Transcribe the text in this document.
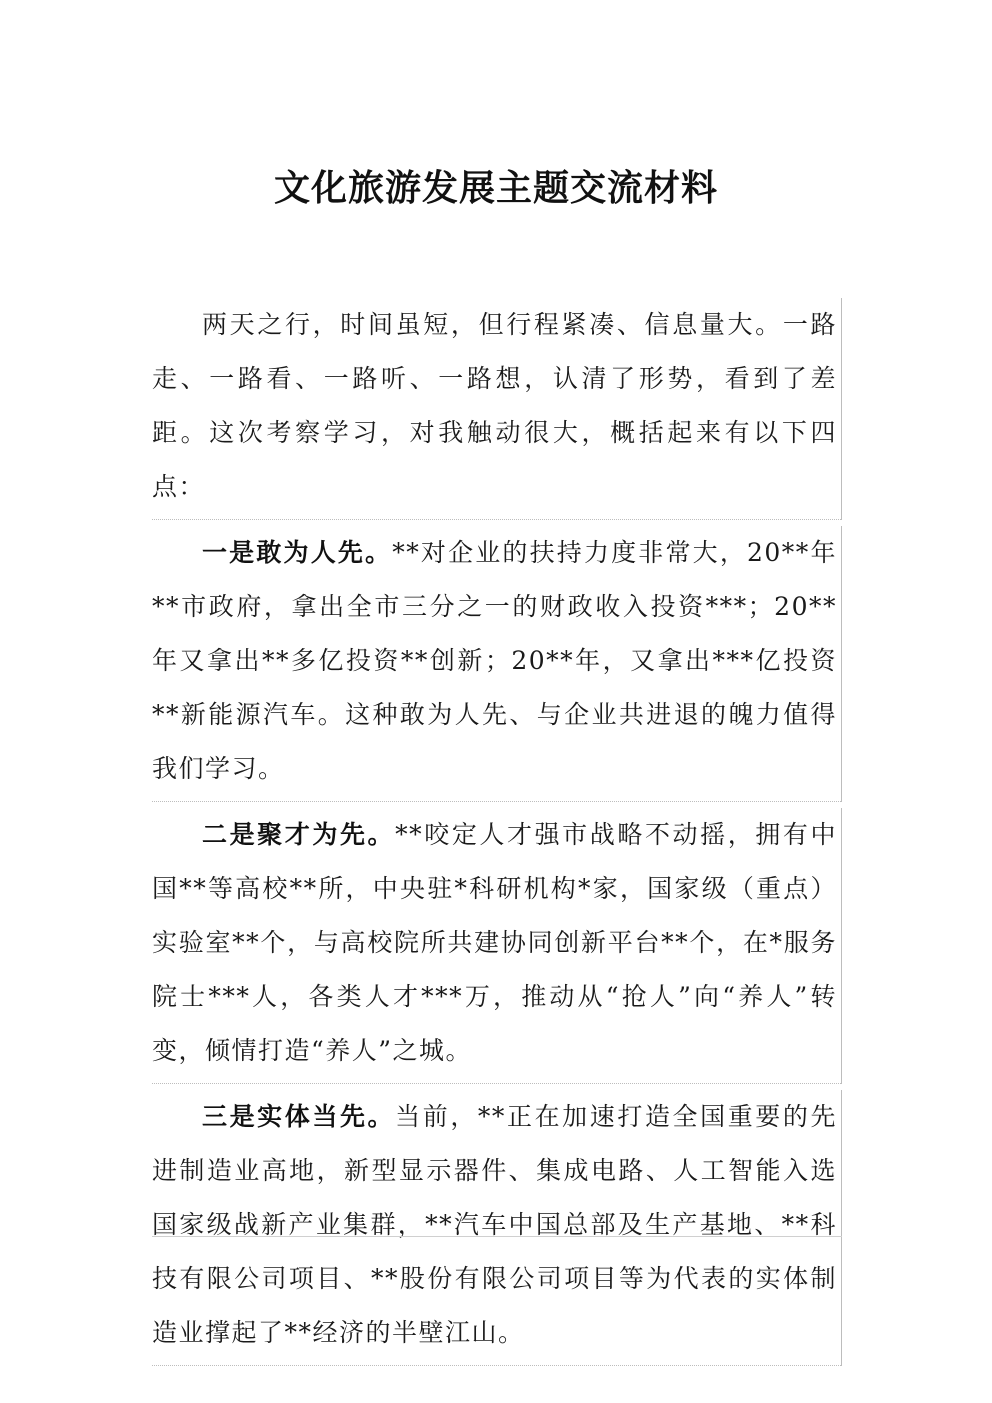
文化旅游发展主题交流材料

两天之行，时间虽短，但行程紧凑、信息量大。一路走、一路看、一路听、一路想，认清了形势，看到了差距。这次考察学习，对我触动很大，概括起来有以下四点：

一是敢为人先。**对企业的扶持力度非常大，20**年**市政府，拿出全市三分之一的财政收入投资***；20**年又拿出**多亿投资**创新；20**年，又拿出***亿投资**新能源汽车。这种敢为人先、与企业共进退的魄力值得我们学习。

二是聚才为先。**咬定人才强市战略不动摇，拥有中国**等高校**所，中央驻*科研机构*家，国家级（重点）实验室**个，与高校院所共建协同创新平台**个，在*服务院士***人，各类人才***万，推动从“抢人”向“养人”转变，倾情打造“养人”之城。

三是实体当先。当前，**正在加速打造全国重要的先进制造业高地，新型显示器件、集成电路、人工智能入选国家级战新产业集群，**汽车中国总部及生产基地、**科技有限公司项目、**股份有限公司项目等为代表的实体制造业撑起了**经济的半壁江山。
